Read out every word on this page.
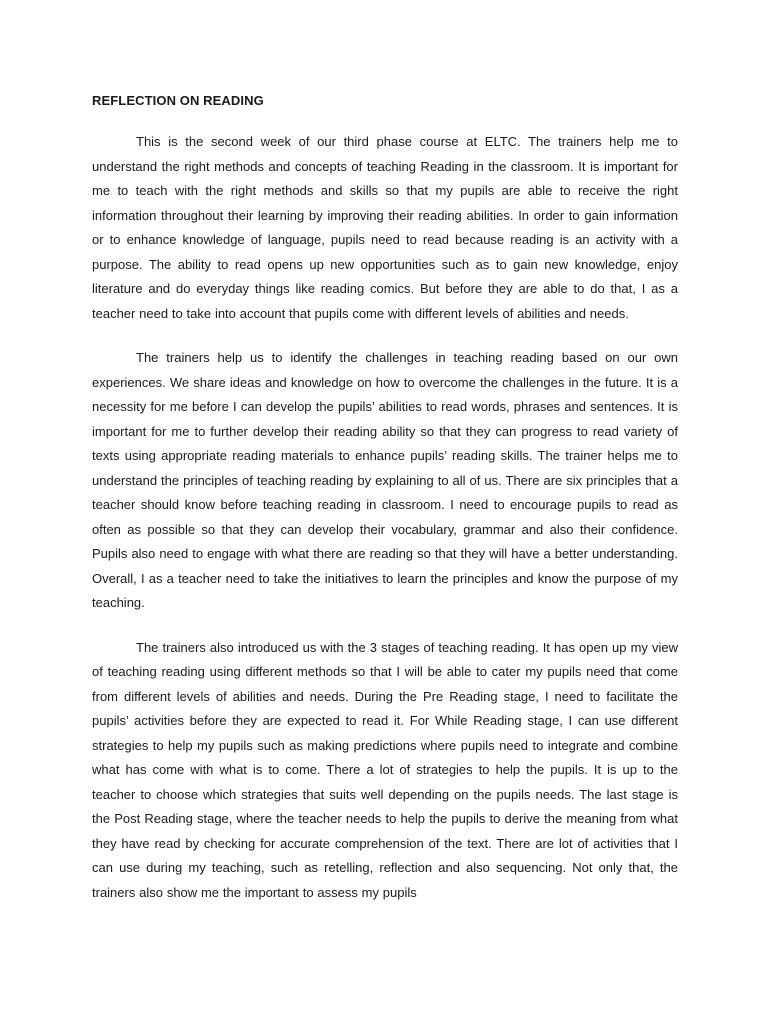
REFLECTION ON READING

This is the second week of our third phase course at ELTC. The trainers help me to understand the right methods and concepts of teaching Reading in the classroom. It is important for me to teach with the right methods and skills so that my pupils are able to receive the right information throughout their learning by improving their reading abilities. In order to gain information or to enhance knowledge of language, pupils need to read because reading is an activity with a purpose. The ability to read opens up new opportunities such as to gain new knowledge, enjoy literature and do everyday things like reading comics. But before they are able to do that, I as a teacher need to take into account that pupils come with different levels of abilities and needs.

The trainers help us to identify the challenges in teaching reading based on our own experiences. We share ideas and knowledge on how to overcome the challenges in the future. It is a necessity for me before I can develop the pupils’ abilities to read words, phrases and sentences. It is important for me to further develop their reading ability so that they can progress to read variety of texts using appropriate reading materials to enhance pupils’ reading skills. The trainer helps me to understand the principles of teaching reading by explaining to all of us. There are six principles that a teacher should know before teaching reading in classroom. I need to encourage pupils to read as often as possible so that they can develop their vocabulary, grammar and also their confidence. Pupils also need to engage with what there are reading so that they will have a better understanding. Overall, I as a teacher need to take the initiatives to learn the principles and know the purpose of my teaching.

The trainers also introduced us with the 3 stages of teaching reading. It has open up my view of teaching reading using different methods so that I will be able to cater my pupils need that come from different levels of abilities and needs. During the Pre Reading stage, I need to facilitate the pupils’ activities before they are expected to read it. For While Reading stage, I can use different strategies to help my pupils such as making predictions where pupils need to integrate and combine what has come with what is to come. There a lot of strategies to help the pupils. It is up to the teacher to choose which strategies that suits well depending on the pupils needs. The last stage is the Post Reading stage, where the teacher needs to help the pupils to derive the meaning from what they have read by checking for accurate comprehension of the text. There are lot of activities that I can use during my teaching, such as retelling, reflection and also sequencing. Not only that, the trainers also show me the important to assess my pupils
